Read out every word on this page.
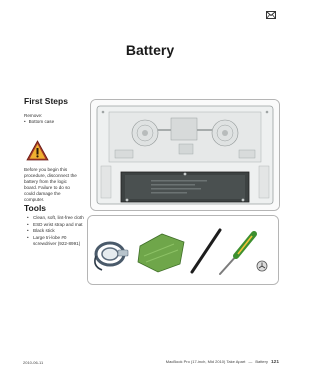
Battery
First Steps
Remove:
• Bottom case
Before you begin this procedure, disconnect the battery from the logic board. Failure to do so could damage the computer.
Tools
• Clean, soft, lint-free cloth
• ESD wrist strap and mat
• Black stick
• Large tri-lobe #0 screwdriver (922-8991)
2010-06-11	MacBook Pro (17-inch, Mid 2010) Take Apart — Battery 121
